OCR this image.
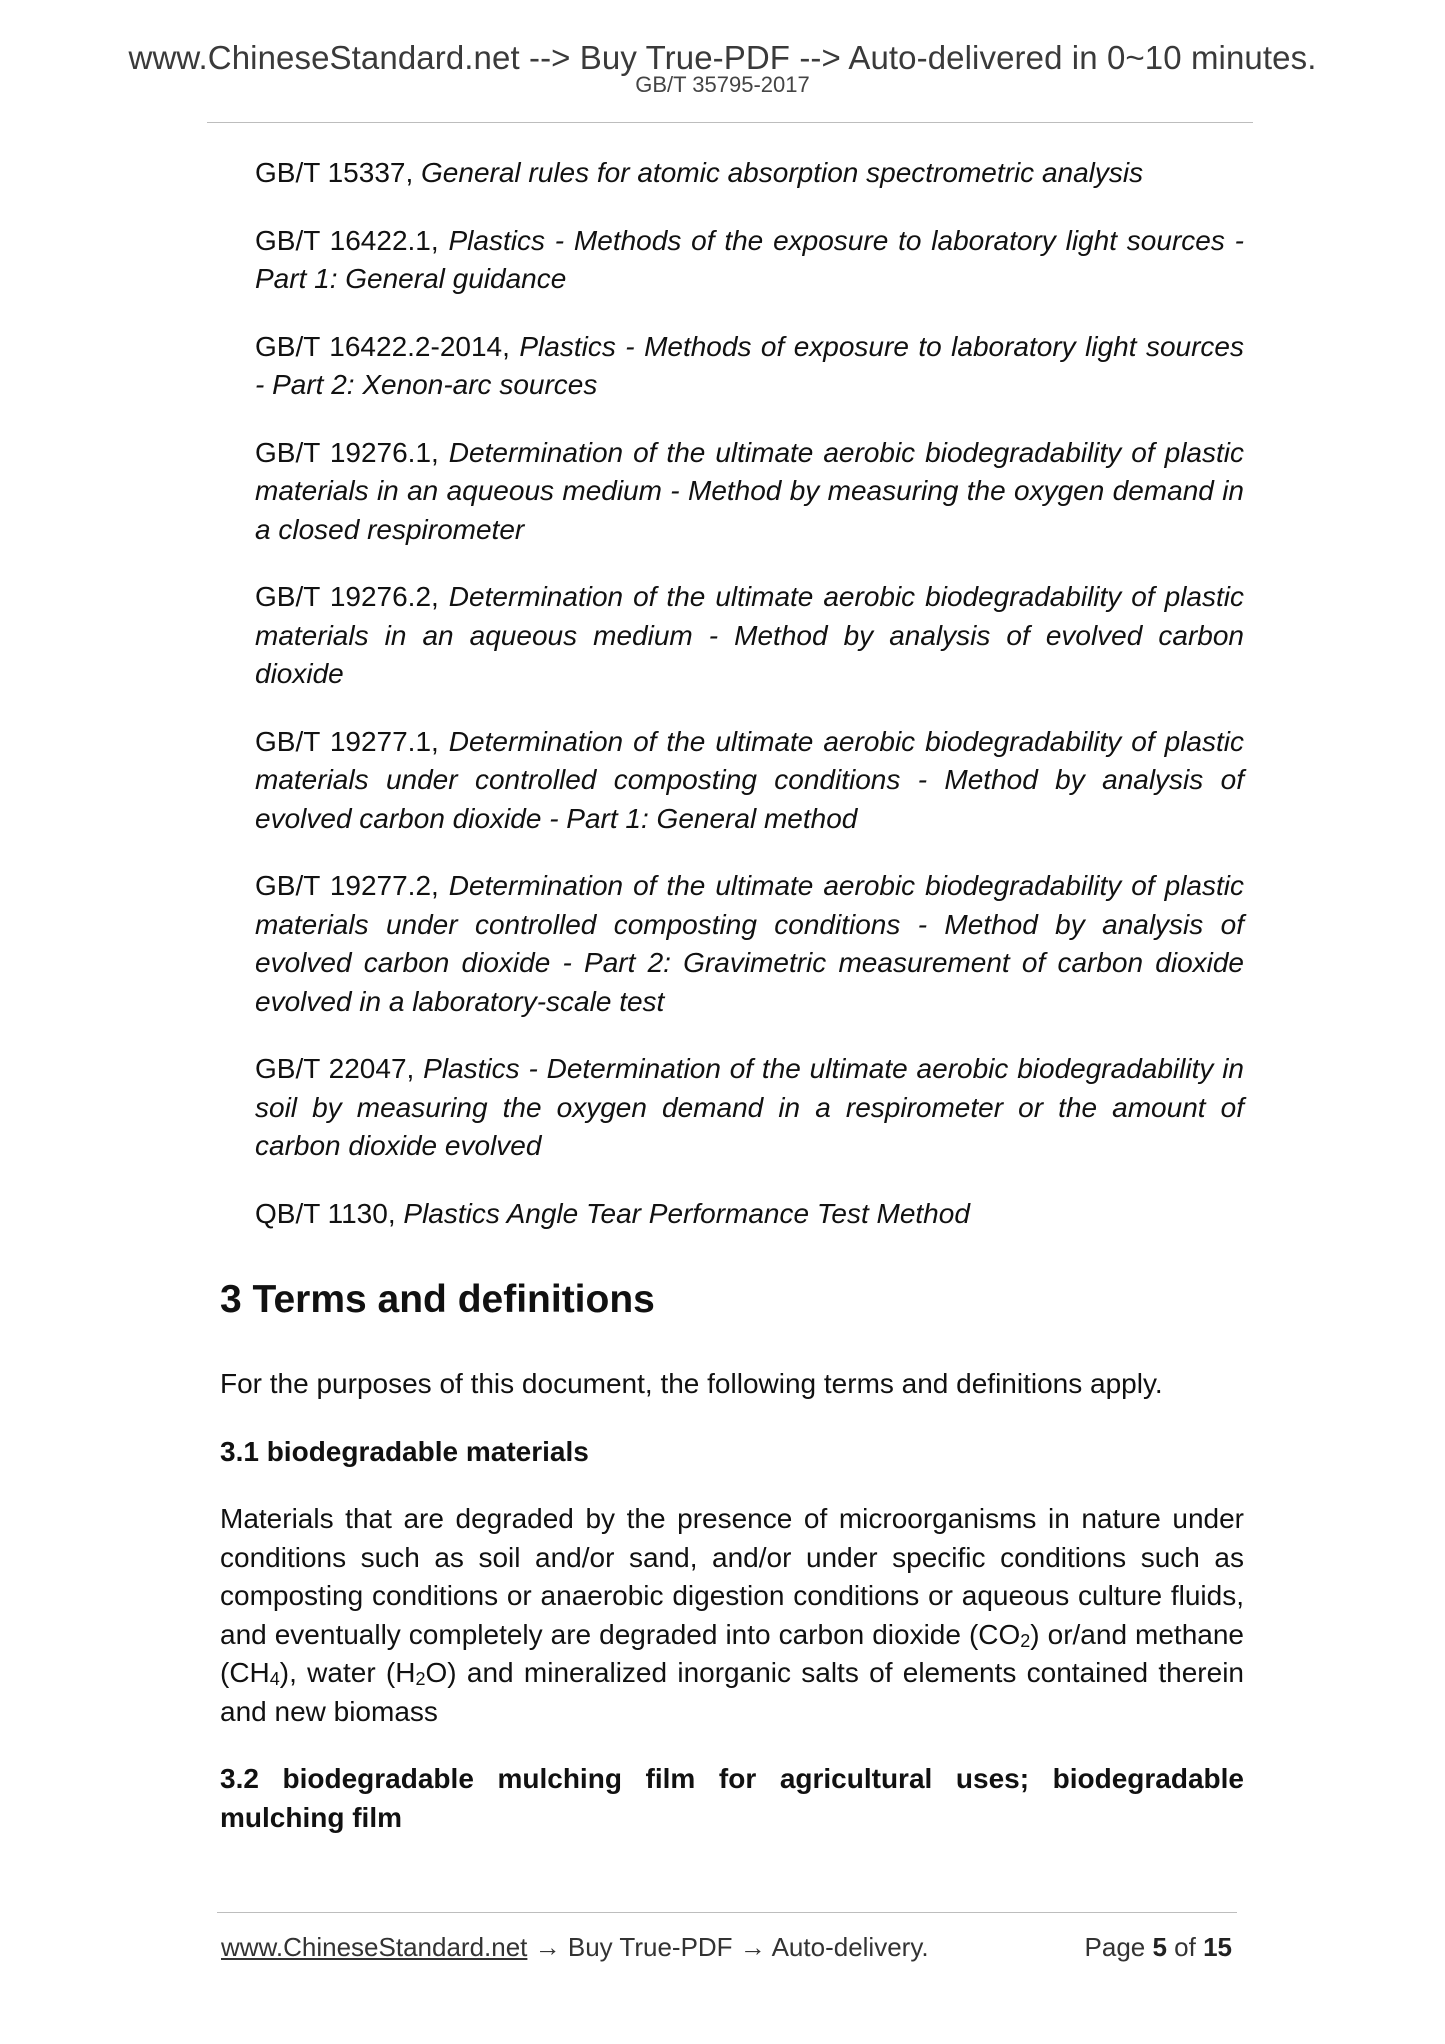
www.ChineseStandard.net --> Buy True-PDF --> Auto-delivered in 0~10 minutes.
GB/T 35795-2017

GB/T 15337, General rules for atomic absorption spectrometric analysis

GB/T 16422.1, Plastics - Methods of the exposure to laboratory light sources - Part 1: General guidance

GB/T 16422.2-2014, Plastics - Methods of exposure to laboratory light sources - Part 2: Xenon-arc sources

GB/T 19276.1, Determination of the ultimate aerobic biodegradability of plastic materials in an aqueous medium - Method by measuring the oxygen demand in a closed respirometer

GB/T 19276.2, Determination of the ultimate aerobic biodegradability of plastic materials in an aqueous medium - Method by analysis of evolved carbon dioxide

GB/T 19277.1, Determination of the ultimate aerobic biodegradability of plastic materials under controlled composting conditions - Method by analysis of evolved carbon dioxide - Part 1: General method

GB/T 19277.2, Determination of the ultimate aerobic biodegradability of plastic materials under controlled composting conditions - Method by analysis of evolved carbon dioxide - Part 2: Gravimetric measurement of carbon dioxide evolved in a laboratory-scale test

GB/T 22047, Plastics - Determination of the ultimate aerobic biodegradability in soil by measuring the oxygen demand in a respirometer or the amount of carbon dioxide evolved

QB/T 1130, Plastics Angle Tear Performance Test Method

3 Terms and definitions

For the purposes of this document, the following terms and definitions apply.

3.1 biodegradable materials

Materials that are degraded by the presence of microorganisms in nature under conditions such as soil and/or sand, and/or under specific conditions such as composting conditions or anaerobic digestion conditions or aqueous culture fluids, and eventually completely are degraded into carbon dioxide $(CO_2)$ or/and methane $(CH_4)$, water $(H_2O)$ and mineralized inorganic salts of elements contained therein and new biomass

3.2 biodegradable mulching film for agricultural uses; biodegradable mulching film

www.ChineseStandard.net → Buy True-PDF → Auto-delivery.	Page 5 of 15
